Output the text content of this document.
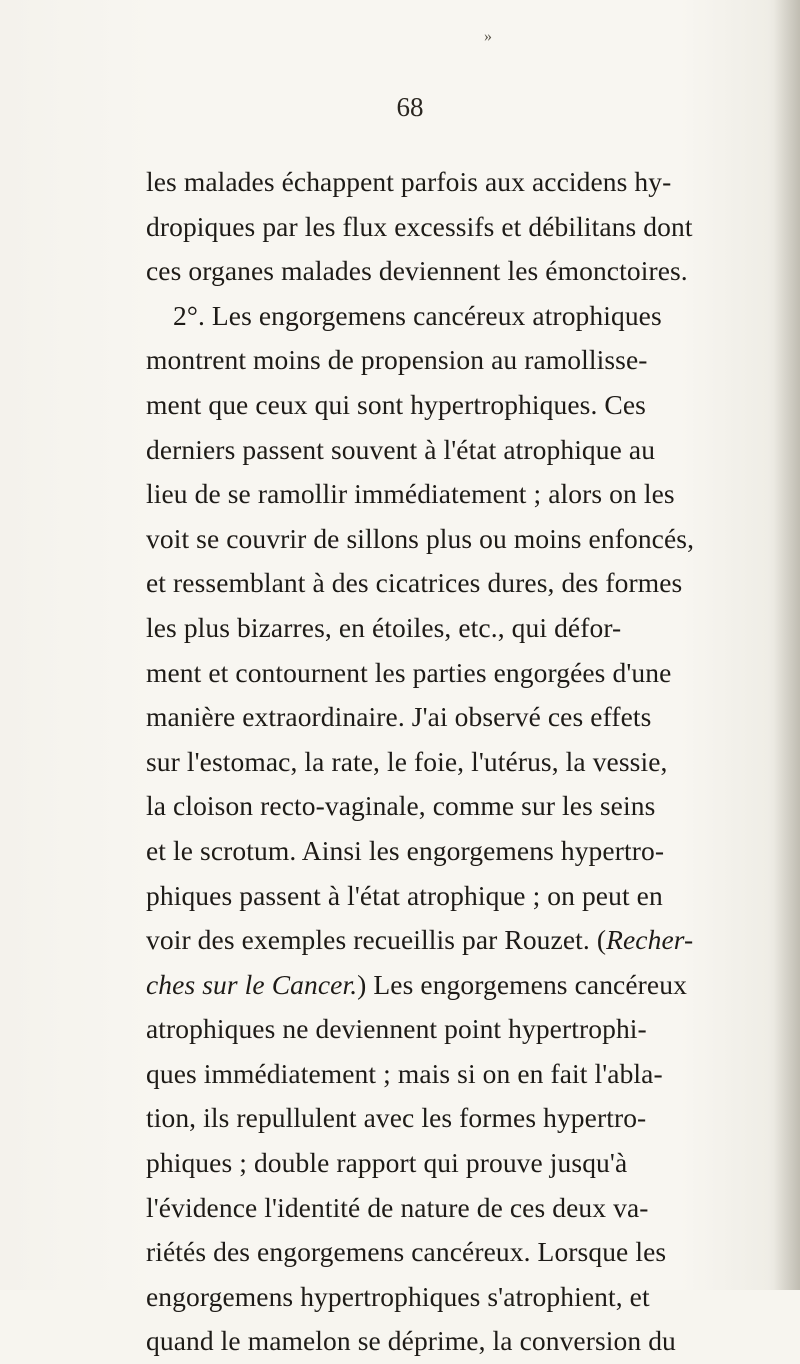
»
68
les malades échappent parfois aux accidens hy-
dropiques par les flux excessifs et débilitans dont
ces organes malades deviennent les émonctoires.
2°. Les engorgemens cancéreux atrophiques
montrent moins de propension au ramollisse-
ment que ceux qui sont hypertrophiques. Ces
derniers passent souvent à l'état atrophique au
lieu de se ramollir immédiatement ; alors on les
voit se couvrir de sillons plus ou moins enfoncés,
et ressemblant à des cicatrices dures, des formes
les plus bizarres, en étoiles, etc., qui défor-
ment et contournent les parties engorgées d'une
manière extraordinaire. J'ai observé ces effets
sur l'estomac, la rate, le foie, l'utérus, la vessie,
la cloison recto-vaginale, comme sur les seins
et le scrotum. Ainsi les engorgemens hypertro-
phiques passent à l'état atrophique ; on peut en
voir des exemples recueillis par Rouzet. (Recher-
ches sur le Cancer.) Les engorgemens cancéreux
atrophiques ne deviennent point hypertrophi-
ques immédiatement ; mais si on en fait l'abla-
tion, ils repullulent avec les formes hypertro-
phiques ; double rapport qui prouve jusqu'à
l'évidence l'identité de nature de ces deux va-
riétés des engorgemens cancéreux. Lorsque les
engorgemens hypertrophiques s'atrophient, et
quand le mamelon se déprime, la conversion du
